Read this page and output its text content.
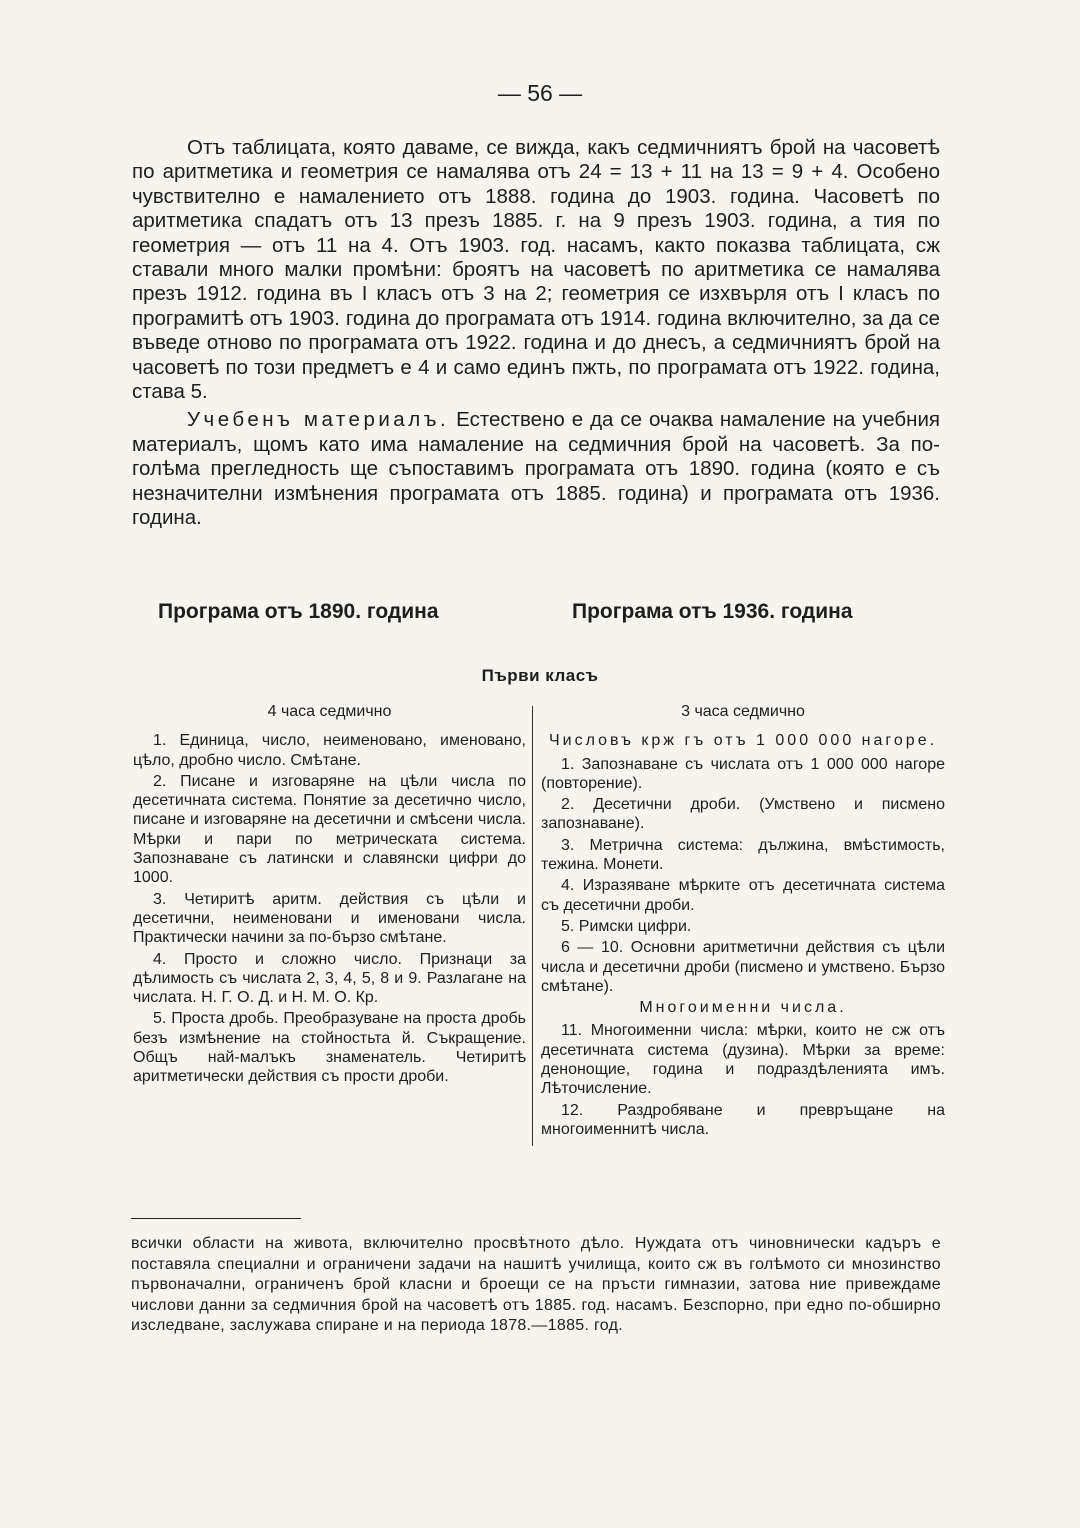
— 56 —

Отъ таблицата, която даваме, се вижда, какъ седмичниятъ брой на часоветѣ по аритметика и геометрия се намалява отъ 24 = 13 + 11 на 13 = 9 + 4. Особено чувствително е намалението отъ 1888. година до 1903. година. Часоветѣ по аритметика спадатъ отъ 13 презъ 1885. г. на 9 презъ 1903. година, а тия по геометрия — отъ 11 на 4. Отъ 1903. год. насамъ, както показва таблицата, сж ставали много малки промѣни: броятъ на часоветѣ по аритметика се намалява презъ 1912. година въ I класъ отъ 3 на 2; геометрия се изхвърля отъ I класъ по програмитѣ отъ 1903. година до програмата отъ 1914. година включително, за да се въведе отново по програмата отъ 1922. година и до днесъ, а седмичниятъ брой на часоветѣ по този предметъ е 4 и само единъ пжть, по програмата отъ 1922. година, става 5.

Учебенъ материалъ. Естествено е да се очаква намаление на учебния материалъ, щомъ като има намаление на седмичния брой на часоветѣ. За по-голѣма прегледность ще съпоставимъ програмата отъ 1890. година (която е съ незначителни измѣнения програмата отъ 1885. година) и програмата отъ 1936. година.

Програма отъ 1890. година	Програма отъ 1936. година
Първи класъ

4 часа седмично

1. Единица, число, неименовано, именовано, цѣло, дробно число. Смѣтане.

2. Писане и изговаряне на цѣли числа по десетичната система. Понятие за десетично число, писане и изговаряне на десетични и смѣсени числа. Мѣрки и пари по метрическата система. Запознаване съ латински и славянски цифри до 1000.

3. Четиритѣ аритм. действия съ цѣли и десетични, неименовани и именовани числа. Практически начини за по-бързо смѣтане.

4. Просто и сложно число. Признаци за дѣлимость съ числата 2, 3, 4, 5, 8 и 9. Разлагане на числата. Н. Г. О. Д. и Н. М. О. Кр.

5. Проста дробь. Преобразуване на проста дробь безъ измѣнение на стойностьта й. Съкращение. Общъ най-малъкъ знаменатель. Четиритѣ аритметически действия съ прости дроби.

3 часа седмично

Числовъ крж гъ отъ 1 000 000 нагоре.

1. Запознаване съ числата отъ 1 000 000 нагоре (повторение).

2. Десетични дроби. (Умствено и писмено запознаване).

3. Метрична система: дължина, вмѣстимость, тежина. Монети.

4. Изразяване мѣрките отъ десетичната система съ десетични дроби.

5. Римски цифри.

6 — 10. Основни аритметични действия съ цѣли числа и десетични дроби (писмено и умствено. Бързо смѣтане).

Многоименни числа.

11. Многоименни числа: мѣрки, които не сж отъ десетичната система (дузина). Мѣрки за време: денонощие, година и подраздѣленията имъ. Лѣточисление.

12. Раздробяване и превръщане на многоименнитѣ числа.

всички области на живота, включително просвѣтното дѣло. Нуждата отъ чиновнически кадъръ е поставяла специални и ограничени задачи на нашитѣ училища, които сж въ голѣмото си мнозинство първоначални, ограниченъ брой класни и броещи се на пръсти гимназии, затова ние привеждаме числови данни за седмичния брой на часоветѣ отъ 1885. год. насамъ. Безспорно, при едно по-обширно изследване, заслужава спиране и на периода 1878.—1885. год.
